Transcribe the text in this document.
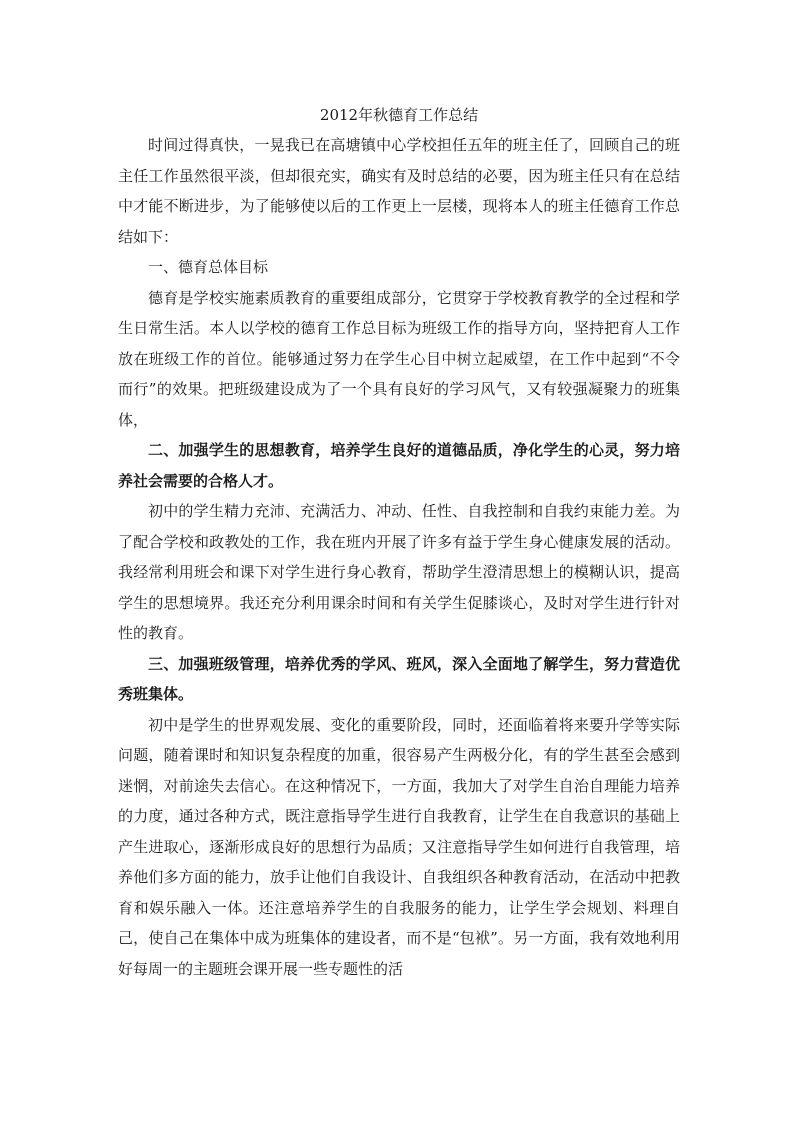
2012年秋德育工作总结

时间过得真快，一晃我已在高塘镇中心学校担任五年的班主任了，回顾自己的班主任工作虽然很平淡，但却很充实，确实有及时总结的必要，因为班主任只有在总结中才能不断进步，为了能够使以后的工作更上一层楼，现将本人的班主任德育工作总结如下：

一、德育总体目标

德育是学校实施素质教育的重要组成部分，它贯穿于学校教育教学的全过程和学生日常生活。本人以学校的德育工作总目标为班级工作的指导方向，坚持把育人工作放在班级工作的首位。能够通过努力在学生心目中树立起威望，在工作中起到“不令而行”的效果。把班级建设成为了一个具有良好的学习风气，又有较强凝聚力的班集体，

二、加强学生的思想教育，培养学生良好的道德品质，净化学生的心灵，努力培养社会需要的合格人才。

初中的学生精力充沛、充满活力、冲动、任性、自我控制和自我约束能力差。为了配合学校和政教处的工作，我在班内开展了许多有益于学生身心健康发展的活动。我经常利用班会和课下对学生进行身心教育，帮助学生澄清思想上的模糊认识，提高学生的思想境界。我还充分利用课余时间和有关学生促膝谈心，及时对学生进行针对性的教育。

三、加强班级管理，培养优秀的学风、班风，深入全面地了解学生，努力营造优秀班集体。

初中是学生的世界观发展、变化的重要阶段，同时，还面临着将来要升学等实际问题，随着课时和知识复杂程度的加重，很容易产生两极分化，有的学生甚至会感到迷惘，对前途失去信心。在这种情况下，一方面，我加大了对学生自治自理能力培养的力度，通过各种方式，既注意指导学生进行自我教育，让学生在自我意识的基础上产生进取心，逐渐形成良好的思想行为品质；又注意指导学生如何进行自我管理，培养他们多方面的能力，放手让他们自我设计、自我组织各种教育活动，在活动中把教育和娱乐融入一体。还注意培养学生的自我服务的能力，让学生学会规划、料理自己，使自己在集体中成为班集体的建设者，而不是“包袱”。另一方面，我有效地利用好每周一的主题班会课开展一些专题性的活
